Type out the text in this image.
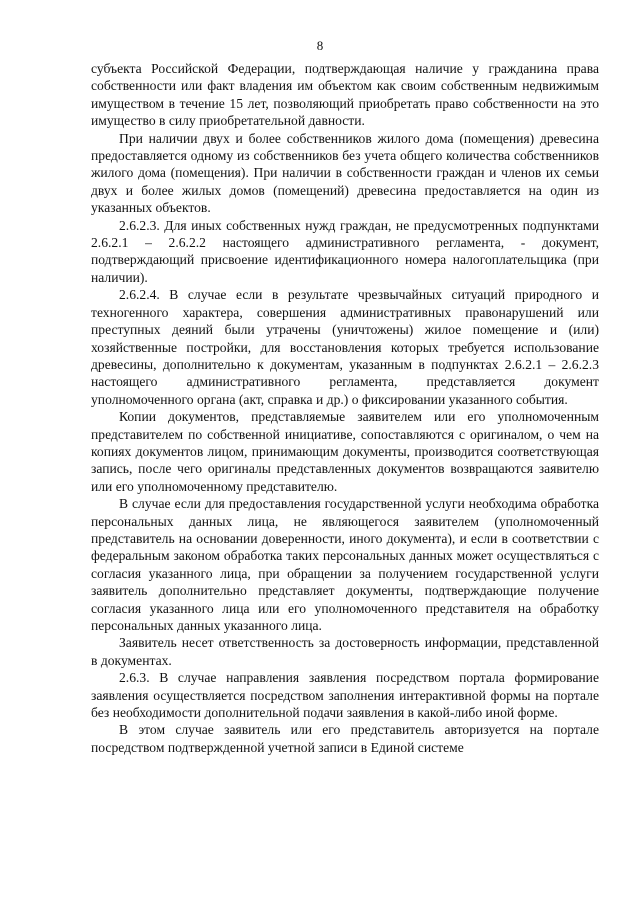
8

субъекта Российской Федерации, подтверждающая наличие у гражданина права собственности или факт владения им объектом как своим собственным недвижимым имуществом в течение 15 лет, позволяющий приобретать право собственности на это имущество в силу приобретательной давности.

При наличии двух и более собственников жилого дома (помещения) древесина предоставляется одному из собственников без учета общего количества собственников жилого дома (помещения). При наличии в собственности граждан и членов их семьи двух и более жилых домов (помещений) древесина предоставляется на один из указанных объектов.

2.6.2.3. Для иных собственных нужд граждан, не предусмотренных подпунктами 2.6.2.1 – 2.6.2.2 настоящего административного регламента, - документ, подтверждающий присвоение идентификационного номера налогоплательщика (при наличии).

2.6.2.4. В случае если в результате чрезвычайных ситуаций природного и техногенного характера, совершения административных правонарушений или преступных деяний были утрачены (уничтожены) жилое помещение и (или) хозяйственные постройки, для восстановления которых требуется использование древесины, дополнительно к документам, указанным в подпунктах 2.6.2.1 – 2.6.2.3 настоящего административного регламента, представляется документ уполномоченного органа (акт, справка и др.) о фиксировании указанного события.

Копии документов, представляемые заявителем или его уполномоченным представителем по собственной инициативе, сопоставляются с оригиналом, о чем на копиях документов лицом, принимающим документы, производится соответствующая запись, после чего оригиналы представленных документов возвращаются заявителю или его уполномоченному представителю.

В случае если для предоставления государственной услуги необходима обработка персональных данных лица, не являющегося заявителем (уполномоченный представитель на основании доверенности, иного документа), и если в соответствии с федеральным законом обработка таких персональных данных может осуществляться с согласия указанного лица, при обращении за получением государственной услуги заявитель дополнительно представляет документы, подтверждающие получение согласия указанного лица или его уполномоченного представителя на обработку персональных данных указанного лица.

Заявитель несет ответственность за достоверность информации, представленной в документах.

2.6.3. В случае направления заявления посредством портала формирование заявления осуществляется посредством заполнения интерактивной формы на портале без необходимости дополнительной подачи заявления в какой-либо иной форме.

В этом случае заявитель или его представитель авторизуется на портале посредством подтвержденной учетной записи в Единой системе
